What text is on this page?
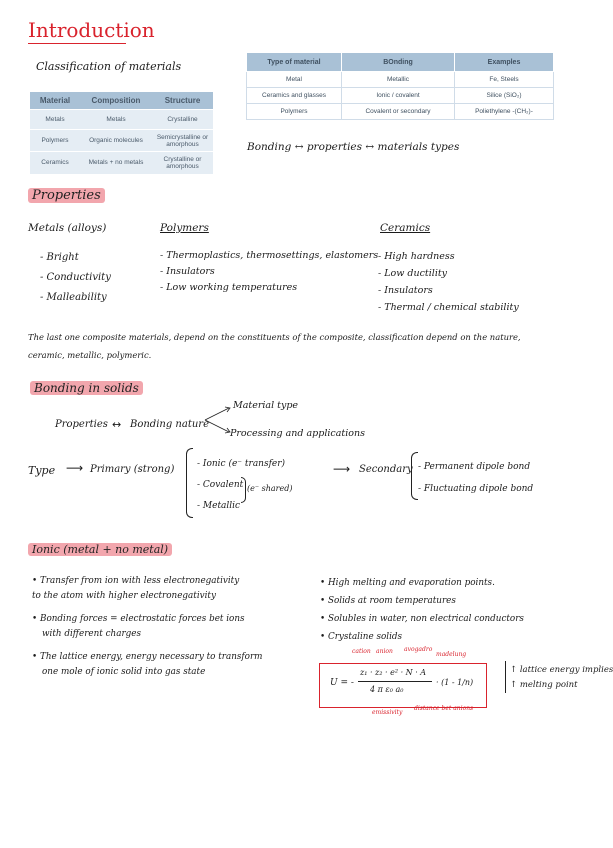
Introduction
Classification of materials
Material	Composition	Structure
Metals	Metals	Crystalline
Polymers	Organic molecules	Semicrystalline or amorphous
Ceramics	Metals + no metals	Crystalline or amorphous
Type of material	BOnding	Examples
Metal	Metallic	Fe, Steels
Ceramics and glasses	Ionic / covalent	Silice (SiO₂)
Polymers	Covalent or secondary	Poliethylene -(CH₂)-
Bonding ↔ properties ↔ materials types
Properties
Metals (alloys)
- Bright
- Conductivity
- Malleability
Polymers
- Thermoplastics, thermosettings, elastomers
- Insulators
- Low working temperatures
Ceramics
- High hardness
- Low ductility
- Insulators
- Thermal / chemical stability
The last one composite materials, depend on the constituents of the composite, classification depend on the nature,
ceramic, metallic, polymeric.
Bonding in solids
Material type
Properties ↔ Bonding nature
Processing and applications
Type ⟶ Primary (strong)	- Ionic (e⁻ transfer)
- Covalent
- Metallic
(e⁻ shared)
⟶ Secondary - Permanent dipole bond
- Fluctuating dipole bond
Ionic (metal + no metal)
• Transfer from ion with less electronegativity
to the atom with higher electronegativity
• Bonding forces = electrostatic forces bet ions
with different charges
• The lattice energy, energy necessary to transform
one mole of ionic solid into gas state
• High melting and evaporation points.
• Solids at room temperatures
• Solubles in water, non electrical conductors
• Crystaline solids
cation anion avogadro
madelung
U = -
z₁ · z₂ · e² · N · A
4 π ε₀ a₀
· (1 - 1/n)
emissivity
distance bet anions
↑ lattice energy implies
↑ melting point
